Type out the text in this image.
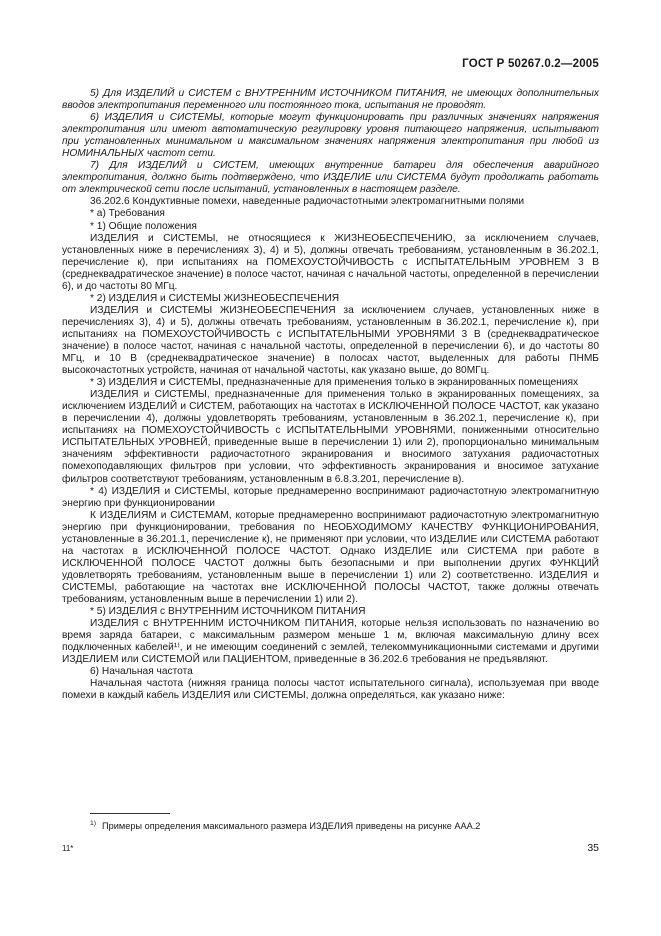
ГОСТ Р 50267.0.2—2005

5) Для ИЗДЕЛИЙ и СИСТЕМ с ВНУТРЕННИМ ИСТОЧНИКОМ ПИТАНИЯ, не имеющих дополнительных вводов электропитания переменного или постоянного тока, испытания не проводят.

6) ИЗДЕЛИЯ и СИСТЕМЫ, которые могут функционировать при различных значениях напряжения электропитания или имеют автоматическую регулировку уровня питающего напряжения, испытывают при установленных минимальном и максимальном значениях напряжения электропитания при любой из НОМИНАЛЬНЫХ частот сети.

7) Для ИЗДЕЛИЙ и СИСТЕМ, имеющих внутренние батареи для обеспечения аварийного электропитания, должно быть подтверждено, что ИЗДЕЛИЕ или СИСТЕМА будут продолжать работать от электрической сети после испытаний, установленных в настоящем разделе.

36.202.6 Кондуктивные помехи, наведенные радиочастотными электромагнитными полями

* а) Требования

* 1) Общие положения

ИЗДЕЛИЯ и СИСТЕМЫ, не относящиеся к ЖИЗНЕОБЕСПЕЧЕНИЮ, за исключением случаев, установленных ниже в перечислениях 3), 4) и 5), должны отвечать требованиям, установленным в 36.202.1, перечисление к), при испытаниях на ПОМЕХОУСТОЙЧИВОСТЬ с ИСПЫТАТЕЛЬНЫМ УРОВНЕМ 3 В (среднеквадратическое значение) в полосе частот, начиная с начальной частоты, определенной в перечислении 6), и до частоты 80 МГц.

* 2) ИЗДЕЛИЯ и СИСТЕМЫ ЖИЗНЕОБЕСПЕЧЕНИЯ

ИЗДЕЛИЯ и СИСТЕМЫ ЖИЗНЕОБЕСПЕЧЕНИЯ за исключением случаев, установленных ниже в перечислениях 3), 4) и 5), должны отвечать требованиям, установленным в 36.202.1, перечисление к), при испытаниях на ПОМЕХОУСТОЙЧИВОСТЬ с ИСПЫТАТЕЛЬНЫМИ УРОВНЯМИ 3 В (среднеквадратическое значение) в полосе частот, начиная с начальной частоты, определенной в перечислении 6), и до частоты 80 МГц, и 10 В (среднеквадратическое значение) в полосах частот, выделенных для работы ПНМБ высокочастотных устройств, начиная от начальной частоты, как указано выше, до 80МГц.

* 3) ИЗДЕЛИЯ и СИСТЕМЫ, предназначенные для применения только в экранированных помещениях

ИЗДЕЛИЯ и СИСТЕМЫ, предназначенные для применения только в экранированных помещениях, за исключением ИЗДЕЛИЙ и СИСТЕМ, работающих на частотах в ИСКЛЮЧЕННОЙ ПОЛОСЕ ЧАСТОТ, как указано в перечислении 4), должны удовлетворять требованиям, установленным в 36.202.1, перечисление к), при испытаниях на ПОМЕХОУСТОЙЧИВОСТЬ с ИСПЫТАТЕЛЬНЫМИ УРОВНЯМИ, пониженными относительно ИСПЫТАТЕЛЬНЫХ УРОВНЕЙ, приведенные выше в перечислении 1) или 2), пропорционально минимальным значениям эффективности радиочастотного экранирования и вносимого затухания радиочастотных помехоподавляющих фильтров при условии, что эффективность экранирования и вносимое затухание фильтров соответствуют требованиям, установленным в 6.8.3.201, перечисление в).

* 4) ИЗДЕЛИЯ и СИСТЕМЫ, которые преднамеренно воспринимают радиочастотную электромагнитную энергию при функционировании

К ИЗДЕЛИЯМ и СИСТЕМАМ, которые преднамеренно воспринимают радиочастотную электромагнитную энергию при функционировании, требования по НЕОБХОДИМОМУ КАЧЕСТВУ ФУНКЦИОНИРОВАНИЯ, установленные в 36.201.1, перечисление к), не применяют при условии, что ИЗДЕЛИЕ или СИСТЕМА работают на частотах в ИСКЛЮЧЕННОЙ ПОЛОСЕ ЧАСТОТ. Однако ИЗДЕЛИЕ или СИСТЕМА при работе в ИСКЛЮЧЕННОЙ ПОЛОСЕ ЧАСТОТ должны быть безопасными и при выполнении других ФУНКЦИЙ удовлетворять требованиям, установленным выше в перечислении 1) или 2) соответственно. ИЗДЕЛИЯ и СИСТЕМЫ, работающие на частотах вне ИСКЛЮЧЕННОЙ ПОЛОСЫ ЧАСТОТ, также должны отвечать требованиям, установленным выше в перечислении 1) или 2).

* 5) ИЗДЕЛИЯ с ВНУТРЕННИМ ИСТОЧНИКОМ ПИТАНИЯ

ИЗДЕЛИЯ с ВНУТРЕННИМ ИСТОЧНИКОМ ПИТАНИЯ, которые нельзя использовать по назначению во время заряда батареи, с максимальным размером меньше 1 м, включая максимальную длину всех подключенных кабелей¹⁾, и не имеющим соединений с землей, телекоммуникационными системами и другими ИЗДЕЛИЕМ или СИСТЕМОЙ или ПАЦИЕНТОМ, приведенные в 36.202.6 требования не предъявляют.

6) Начальная частота

Начальная частота (нижняя граница полосы частот испытательного сигнала), используемая при вводе помехи в каждый кабель ИЗДЕЛИЯ или СИСТЕМЫ, должна определяться, как указано ниже:

$^{1)}$ Примеры определения максимального размера ИЗДЕЛИЯ приведены на рисунке ААА.2
11*	35
